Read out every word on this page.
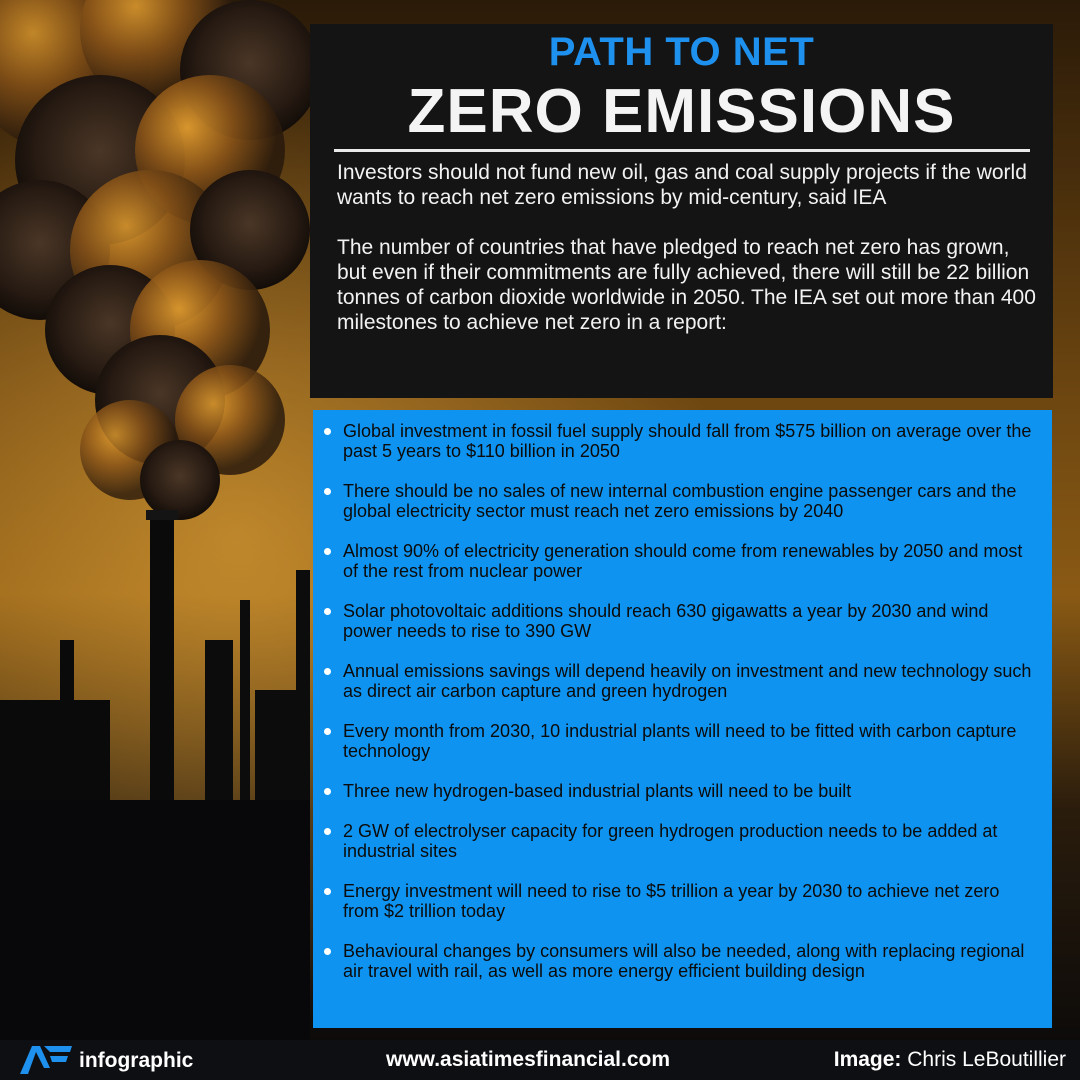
PATH TO NET
ZERO EMISSIONS

Investors should not fund new oil, gas and coal supply projects if the world wants to reach net zero emissions by mid-century, said IEA

The number of countries that have pledged to reach net zero has grown, but even if their commitments are fully achieved, there will still be 22 billion tonnes of carbon dioxide worldwide in 2050. The IEA set out more than 400 milestones to achieve net zero in a report:

Global investment in fossil fuel supply should fall from $575 billion on average over the past 5 years to $110 billion in 2050
There should be no sales of new internal combustion engine passenger cars and the global electricity sector must reach net zero emissions by 2040
Almost 90% of electricity generation should come from renewables by 2050 and most of the rest from nuclear power
Solar photovoltaic additions should reach 630 gigawatts a year by 2030 and wind power needs to rise to 390 GW
Annual emissions savings will depend heavily on investment and new technology such as direct air carbon capture and green hydrogen
Every month from 2030, 10 industrial plants will need to be fitted with carbon capture technology
Three new hydrogen-based industrial plants will need to be built
2 GW of electrolyser capacity for green hydrogen production needs to be added at industrial sites
Energy investment will need to rise to $5 trillion a year by 2030 to achieve net zero from $2 trillion today
Behavioural changes by consumers will also be needed, along with replacing regional air travel with rail, as well as more energy efficient building design
infographic	www.asiatimesfinancial.com	Image: Chris LeBoutillier
